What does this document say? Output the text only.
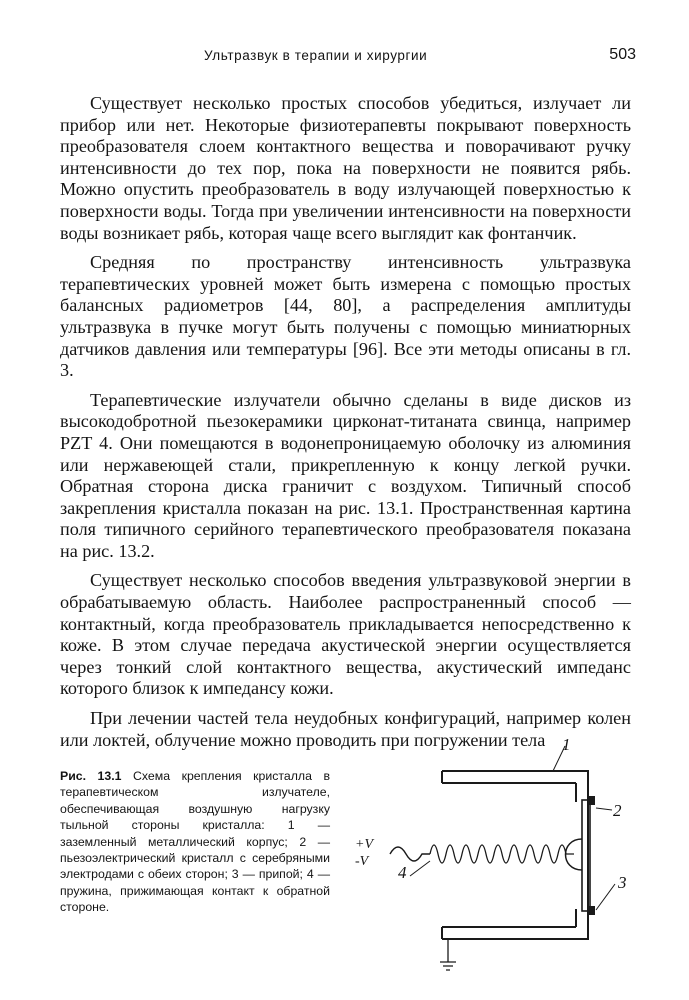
Ультразвук в терапии и хирургии	503

Существует несколько простых способов убедиться, излучает ли прибор или нет. Некоторые физиотерапевты покрывают поверхность преобразователя слоем контактного вещества и поворачивают ручку интенсивности до тех пор, пока на поверхности не появится рябь. Можно опустить преобразователь в воду излучающей поверхностью к поверхности воды. Тогда при увеличении интенсивности на поверхности воды возникает рябь, которая чаще всего выглядит как фонтанчик.

Средняя по пространству интенсивность ультразвука терапевтических уровней может быть измерена с помощью простых балансных радиометров [44, 80], а распределения амплитуды ультразвука в пучке могут быть получены с помощью миниатюрных датчиков давления или температуры [96]. Все эти методы описаны в гл. 3.

Терапевтические излучатели обычно сделаны в виде дисков из высокодобротной пьезокерамики цирконат-титаната свинца, например PZT 4. Они помещаются в водонепроницаемую оболочку из алюминия или нержавеющей стали, прикрепленную к концу легкой ручки. Обратная сторона диска граничит с воздухом. Типичный способ закрепления кристалла показан на рис. 13.1. Пространственная картина поля типичного серийного терапевтического преобразователя показана на рис. 13.2.

Существует несколько способов введения ультразвуковой энергии в обрабатываемую область. Наиболее распространенный способ — контактный, когда преобразователь прикладывается непосредственно к коже. В этом случае передача акустической энергии осуществляется через тонкий слой контактного вещества, акустический импеданс которого близок к импедансу кожи.

При лечении частей тела неудобных конфигураций, например колен или локтей, облучение можно проводить при погружении тела

Рис. 13.1 Схема крепления кристалла в терапевтическом излучателе, обеспечивающая воздушную нагрузку тыльной стороны кристалла: 1 — заземленный металлический корпус; 2 — пьезоэлектрический кристалл с серебряными электродами с обеих сторон; 3 — припой; 4 — пружина, прижимающая контакт к обратной стороне.
1
2
3
4
+V
-V
